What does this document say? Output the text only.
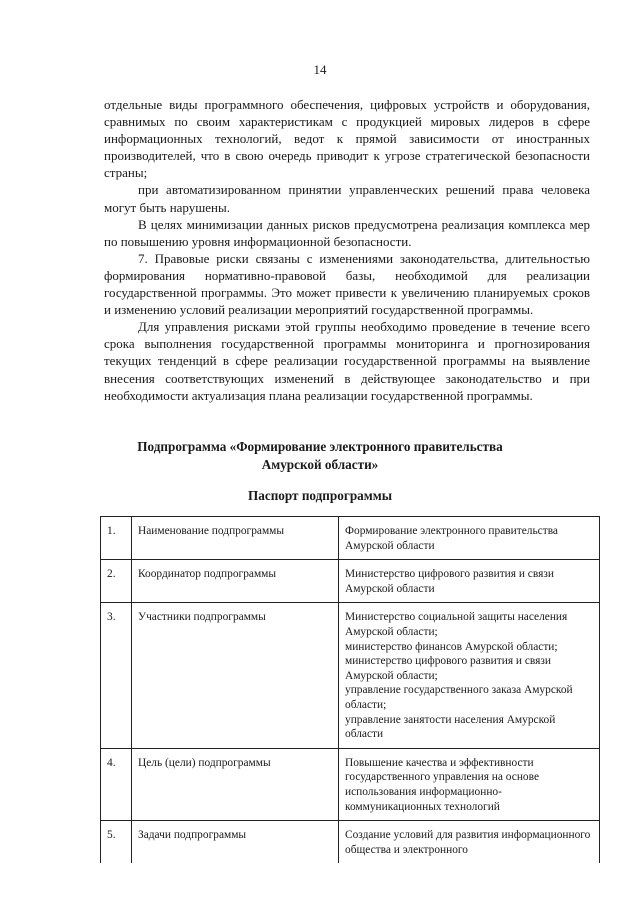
14

отдельные виды программного обеспечения, цифровых устройств и оборудования, сравнимых по своим характеристикам с продукцией мировых лидеров в сфере информационных технологий, ведот к прямой зависимости от иностранных производителей, что в свою очередь приводит к угрозе стратегической безопасности страны;

при автоматизированном принятии управленческих решений права человека могут быть нарушены.

В целях минимизации данных рисков предусмотрена реализация комплекса мер по повышению уровня информационной безопасности.

7. Правовые риски связаны с изменениями законодательства, длительностью формирования нормативно-правовой базы, необходимой для реализации государственной программы. Это может привести к увеличению планируемых сроков и изменению условий реализации мероприятий государственной программы.

Для управления рисками этой группы необходимо проведение в течение всего срока выполнения государственной программы мониторинга и прогнозирования текущих тенденций в сфере реализации государственной программы на выявление внесения соответствующих изменений в действующее законодательство и при необходимости актуализация плана реализации государственной программы.

Подпрограмма «Формирование электронного правительства
Амурской области»
Паспорт подпрограммы
1.	Наименование подпрограммы	Формирование электронного правительства Амурской области
2.	Координатор подпрограммы	Министерство цифрового развития и связи Амурской области
3.	Участники подпрограммы	Министерство социальной защиты населения Амурской области;
министерство финансов Амурской области;
министерство цифрового развития и связи Амурской области;
управление государственного заказа Амурской области;
управление занятости населения Амурской области

4.	Цель (цели) подпрограммы	Повышение качества и эффективности государственного управления на основе использования информационно-коммуникационных технологий
5.	Задачи подпрограммы	Создание условий для развития информационного общества и электронного
